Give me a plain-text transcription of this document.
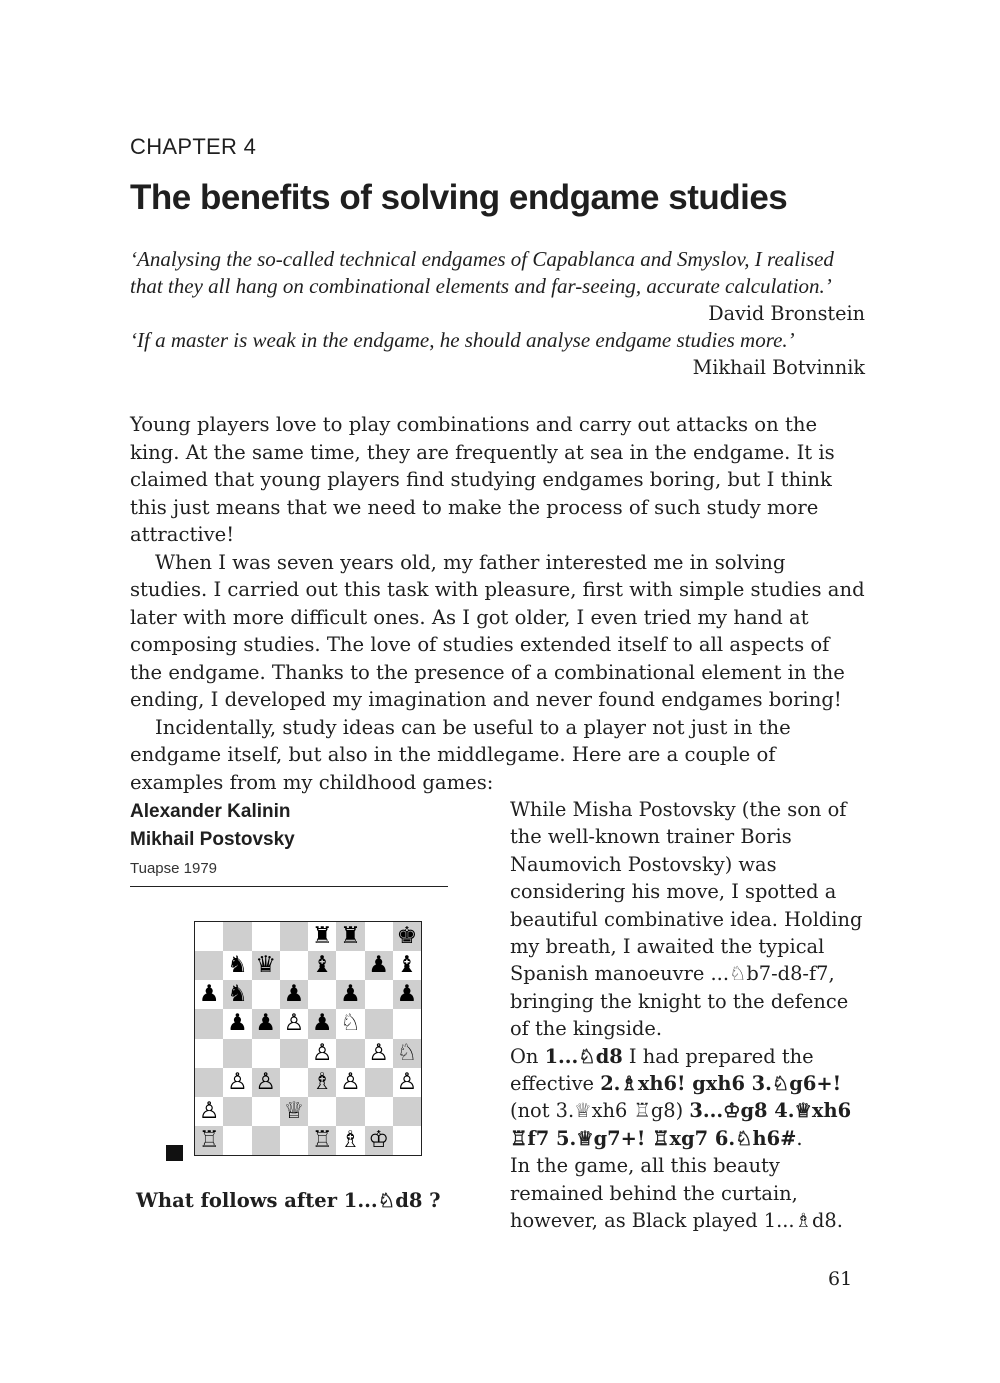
CHAPTER 4
The benefits of solving endgame studies
‘Analysing the so-called technical endgames of Capablanca and Smyslov, I realised that they all hang on combinational elements and far-seeing, accurate calculation.’
David Bronstein
‘If a master is weak in the endgame, he should analyse endgame studies more.’
Mikhail Botvinnik

Young players love to play combinations and carry out attacks on the king. At the same time, they are frequently at sea in the endgame. It is claimed that young players find studying endgames boring, but I think this just means that we need to make the process of such study more attractive!

When I was seven years old, my father interested me in solving studies. I carried out this task with pleasure, first with simple studies and later with more difficult ones. As I got older, I even tried my hand at composing studies. The love of studies extended itself to all aspects of the endgame. Thanks to the presence of a combinational element in the ending, I developed my imagination and never found endgames boring!

Incidentally, study ideas can be useful to a player not just in the endgame itself, but also in the middlegame. Here are a couple of examples from my childhood games:

Alexander Kalinin
Mikhail Postovsky
Tuapse 1979
♜ ♜ ♚
♞ ♛ ♝ ♟ ♝
♟ ♞ ♟ ♟ ♟
♟ ♟ ♙ ♟ ♘
♙ ♙ ♘
♙ ♙ ♗ ♙ ♙
♙	♕
♖	♖ ♗ ♔
What follows after 1...♘d8 ?

While Misha Postovsky (the son of the well-known trainer Boris Naumovich Postovsky) was considering his move, I spotted a beautiful combinative idea. Holding my breath, I awaited the typical Spanish manoeuvre ...♘b7-d8-f7, bringing the knight to the defence of the kingside.

On 1...♘d8 I had prepared the effective 2.♗xh6! gxh6 3.♘g6+! (not 3.♕xh6 ♖g8) 3...♔g8 4.♕xh6 ♖f7 5.♕g7+! ♖xg7 6.♘h6#.

In the game, all this beauty remained behind the curtain, however, as Black played 1...♗d8.

61
